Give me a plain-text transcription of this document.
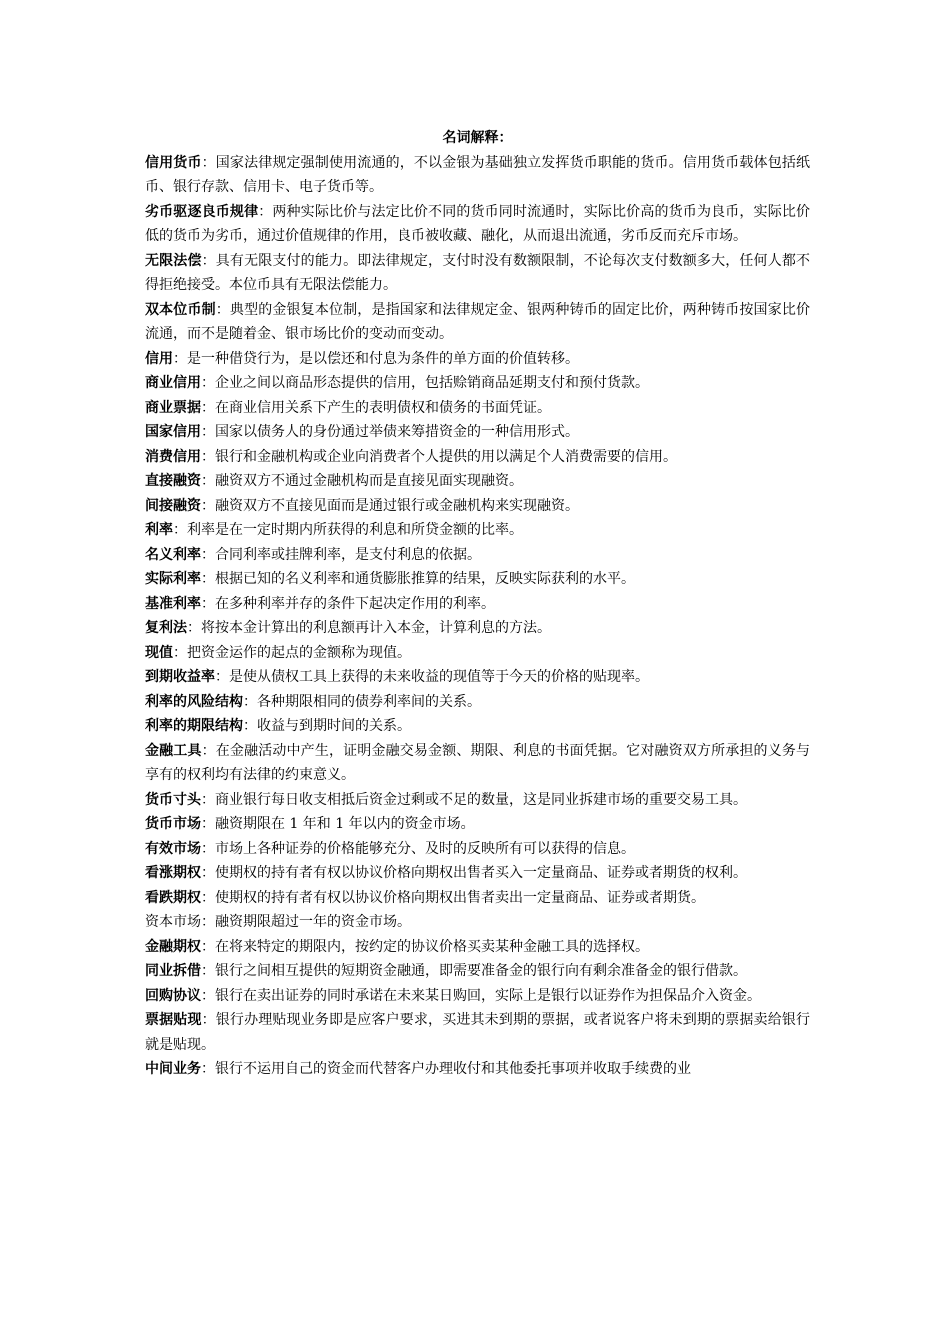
名词解释：

信用货币：国家法律规定强制使用流通的，不以金银为基础独立发挥货币职能的货币。信用货币载体包括纸币、银行存款、信用卡、电子货币等。

劣币驱逐良币规律：两种实际比价与法定比价不同的货币同时流通时，实际比价高的货币为良币，实际比价低的货币为劣币，通过价值规律的作用，良币被收藏、融化，从而退出流通，劣币反而充斥市场。

无限法偿：具有无限支付的能力。即法律规定，支付时没有数额限制，不论每次支付数额多大，任何人都不得拒绝接受。本位币具有无限法偿能力。

双本位币制：典型的金银复本位制，是指国家和法律规定金、银两种铸币的固定比价，两种铸币按国家比价流通，而不是随着金、银市场比价的变动而变动。

信用：是一种借贷行为，是以偿还和付息为条件的单方面的价值转移。

商业信用：企业之间以商品形态提供的信用，包括赊销商品延期支付和预付货款。

商业票据：在商业信用关系下产生的表明债权和债务的书面凭证。

国家信用：国家以债务人的身份通过举债来筹措资金的一种信用形式。

消费信用：银行和金融机构或企业向消费者个人提供的用以满足个人消费需要的信用。

直接融资：融资双方不通过金融机构而是直接见面实现融资。

间接融资：融资双方不直接见面而是通过银行或金融机构来实现融资。

利率：利率是在一定时期内所获得的利息和所贷金额的比率。

名义利率：合同利率或挂牌利率，是支付利息的依据。

实际利率：根据已知的名义利率和通货膨胀推算的结果，反映实际获利的水平。

基准利率：在多种利率并存的条件下起决定作用的利率。

复利法：将按本金计算出的利息额再计入本金，计算利息的方法。

现值：把资金运作的起点的金额称为现值。

到期收益率：是使从债权工具上获得的未来收益的现值等于今天的价格的贴现率。

利率的风险结构：各种期限相同的债券利率间的关系。

利率的期限结构：收益与到期时间的关系。

金融工具：在金融活动中产生，证明金融交易金额、期限、利息的书面凭据。它对融资双方所承担的义务与享有的权利均有法律的约束意义。

货币寸头：商业银行每日收支相抵后资金过剩或不足的数量，这是同业拆建市场的重要交易工具。

货币市场：融资期限在 1 年和 1 年以内的资金市场。

有效市场：市场上各种证券的价格能够充分、及时的反映所有可以获得的信息。

看涨期权：使期权的持有者有权以协议价格向期权出售者买入一定量商品、证券或者期货的权利。

看跌期权：使期权的持有者有权以协议价格向期权出售者卖出一定量商品、证券或者期货。

资本市场：融资期限超过一年的资金市场。

金融期权：在将来特定的期限内，按约定的协议价格买卖某种金融工具的选择权。

同业拆借：银行之间相互提供的短期资金融通，即需要准备金的银行向有剩余准备金的银行借款。

回购协议：银行在卖出证券的同时承诺在未来某日购回，实际上是银行以证券作为担保品介入资金。

票据贴现：银行办理贴现业务即是应客户要求，买进其未到期的票据，或者说客户将未到期的票据卖给银行就是贴现。

中间业务：银行不运用自己的资金而代替客户办理收付和其他委托事项并收取手续费的业
